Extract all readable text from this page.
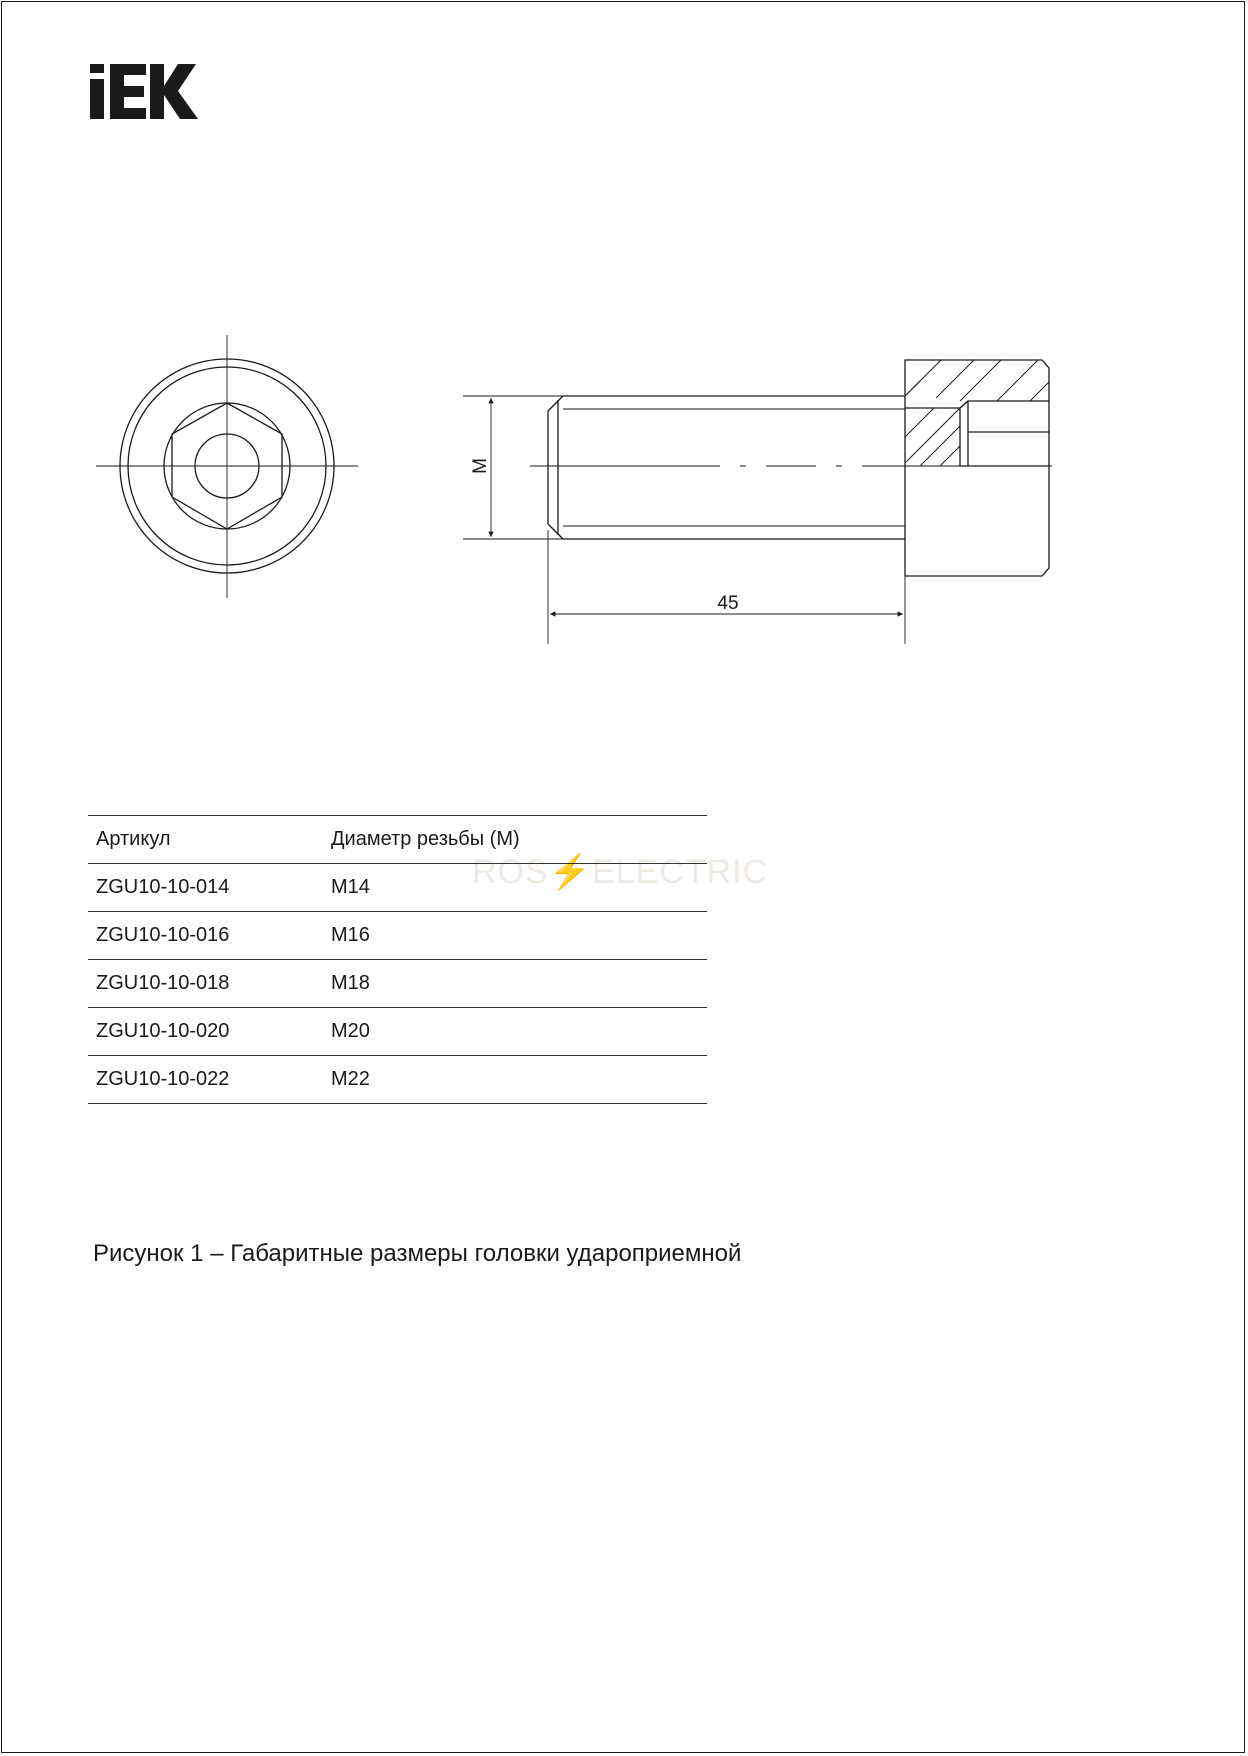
M
45
ROS⚡ELECTRIC
Артикул	Диаметр резьбы (М)
ZGU10-10-014	М14
ZGU10-10-016	М16
ZGU10-10-018	М18
ZGU10-10-020	М20
ZGU10-10-022	М22
Рисунок 1 – Габаритные размеры головки удароприемной
